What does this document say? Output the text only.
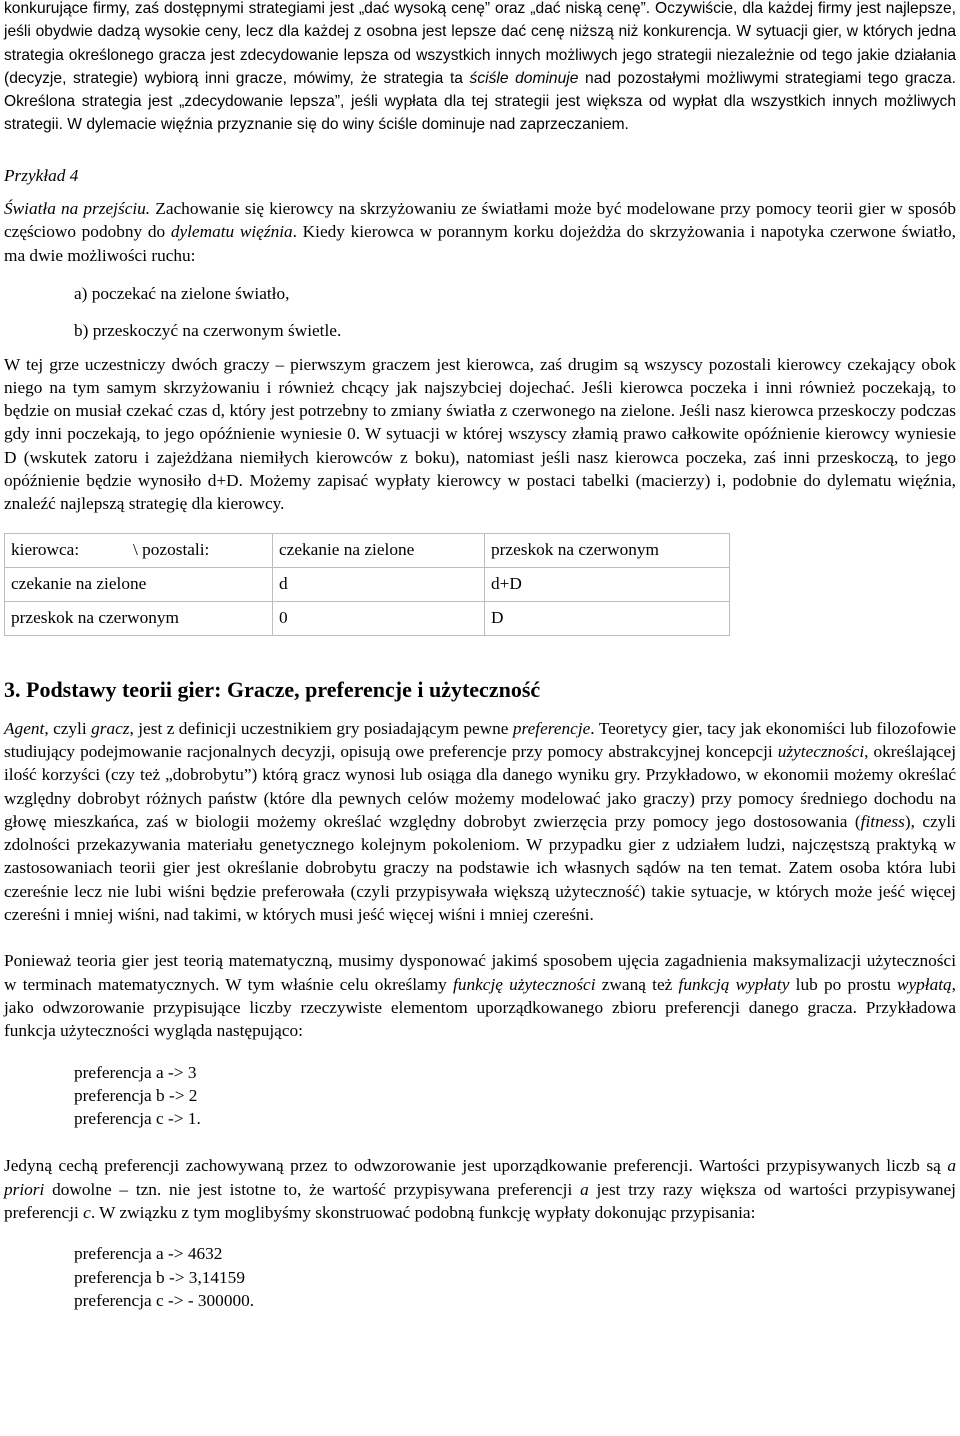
konkurujące firmy, zaś dostępnymi strategiami jest „dać wysoką cenę” oraz „dać niską cenę”. Oczywiście, dla każdej firmy jest najlepsze, jeśli obydwie dadzą wysokie ceny, lecz dla każdej z osobna jest lepsze dać cenę niższą niż konkurencja. W sytuacji gier, w których jedna strategia określonego gracza jest zdecydowanie lepsza od wszystkich innych możliwych jego strategii niezależnie od tego jakie działania (decyzje, strategie) wybiorą inni gracze, mówimy, że strategia ta ściśle dominuje nad pozostałymi możliwymi strategiami tego gracza. Określona strategia jest „zdecydowanie lepsza”, jeśli wypłata dla tej strategii jest większa od wypłat dla wszystkich innych możliwych strategii. W dylemacie więźnia przyznanie się do winy ściśle dominuje nad zaprzeczaniem.

Przykład 4

Światła na przejściu. Zachowanie się kierowcy na skrzyżowaniu ze światłami może być modelowane przy pomocy teorii gier w sposób częściowo podobny do dylematu więźnia. Kiedy kierowca w porannym korku dojeżdża do skrzyżowania i napotyka czerwone światło, ma dwie możliwości ruchu:

a) poczekać na zielone światło,

b) przeskoczyć na czerwonym świetle.

W tej grze uczestniczy dwóch graczy – pierwszym graczem jest kierowca, zaś drugim są wszyscy pozostali kierowcy czekający obok niego na tym samym skrzyżowaniu i również chcący jak najszybciej dojechać. Jeśli kierowca poczeka i inni również poczekają, to będzie on musiał czekać czas d, który jest potrzebny to zmiany światła z czerwonego na zielone. Jeśli nasz kierowca przeskoczy podczas gdy inni poczekają, to jego opóźnienie wyniesie 0. W sytuacji w której wszyscy złamią prawo całkowite opóźnienie kierowcy wyniesie D (wskutek zatoru i zajeżdżana niemiłych kierowców z boku), natomiast jeśli nasz kierowca poczeka, zaś inni przeskoczą, to jego opóźnienie będzie wynosiło d+D. Możemy zapisać wypłaty kierowcy w postaci tabelki (macierzy) i, podobnie do dylematu więźnia, znaleźć najlepszą strategię dla kierowcy.

kierowca: \ pozostali:	czekanie na zielone	przeskok na czerwonym
czekanie na zielone	d	d+D
przeskok na czerwonym	0	D
3. Podstawy teorii gier: Gracze, preferencje i użyteczność

Agent, czyli gracz, jest z definicji uczestnikiem gry posiadającym pewne preferencje. Teoretycy gier, tacy jak ekonomiści lub filozofowie studiujący podejmowanie racjonalnych decyzji, opisują owe preferencje przy pomocy abstrakcyjnej koncepcji użyteczności, określającej ilość korzyści (czy też „dobrobytu”) którą gracz wynosi lub osiąga dla danego wyniku gry. Przykładowo, w ekonomii możemy określać względny dobrobyt różnych państw (które dla pewnych celów możemy modelować jako graczy) przy pomocy średniego dochodu na głowę mieszkańca, zaś w biologii możemy określać względny dobrobyt zwierzęcia przy pomocy jego dostosowania (fitness), czyli zdolności przekazywania materiału genetycznego kolejnym pokoleniom. W przypadku gier z udziałem ludzi, najczęstszą praktyką w zastosowaniach teorii gier jest określanie dobrobytu graczy na podstawie ich własnych sądów na ten temat. Zatem osoba która lubi czereśnie lecz nie lubi wiśni będzie preferowała (czyli przypisywała większą użyteczność) takie sytuacje, w których może jeść więcej czereśni i mniej wiśni, nad takimi, w których musi jeść więcej wiśni i mniej czereśni.

Ponieważ teoria gier jest teorią matematyczną, musimy dysponować jakimś sposobem ujęcia zagadnienia maksymalizacji użyteczności w terminach matematycznych. W tym właśnie celu określamy funkcję użyteczności zwaną też funkcją wypłaty lub po prostu wypłatą, jako odwzorowanie przypisujące liczby rzeczywiste elementom uporządkowanego zbioru preferencji danego gracza. Przykładowa funkcja użyteczności wygląda następująco:

preferencja a -> 3
preferencja b -> 2
preferencja c -> 1.

Jedyną cechą preferencji zachowywaną przez to odwzorowanie jest uporządkowanie preferencji. Wartości przypisywanych liczb są a priori dowolne – tzn. nie jest istotne to, że wartość przypisywana preferencji a jest trzy razy większa od wartości przypisywanej preferencji c. W związku z tym moglibyśmy skonstruować podobną funkcję wypłaty dokonując przypisania:

preferencja a -> 4632
preferencja b -> 3,14159
preferencja c -> - 300000.
